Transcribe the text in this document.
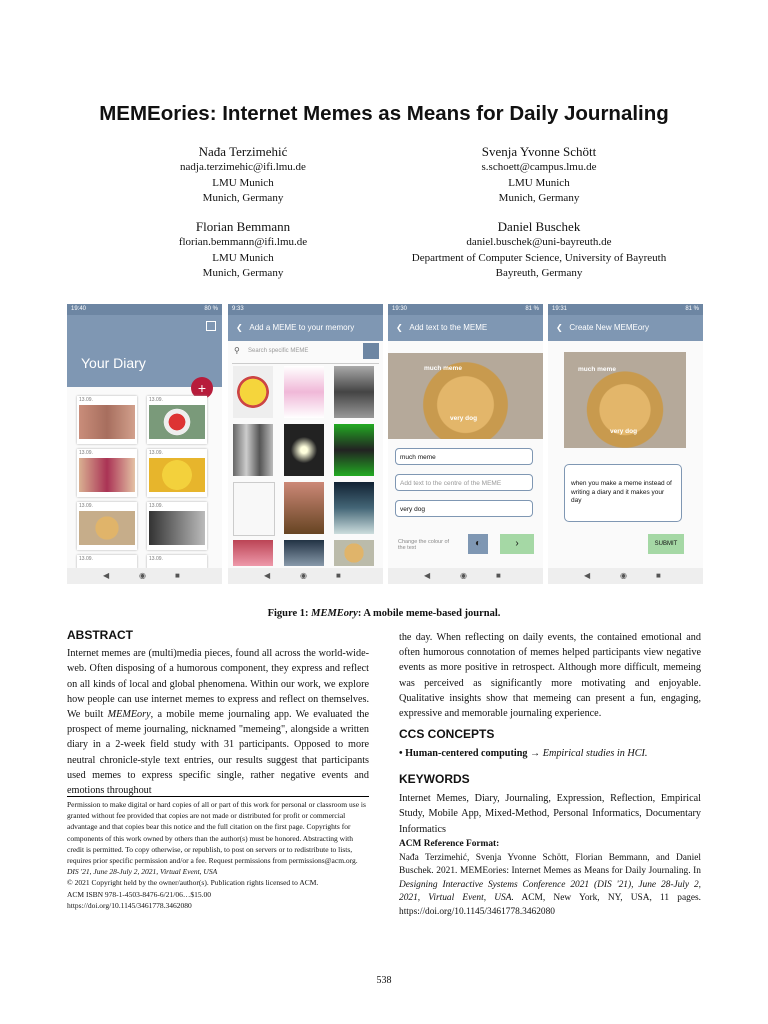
MEMEories: Internet Memes as Means for Daily Journaling
Nađa Terzimehić
nadja.terzimehic@ifi.lmu.de
LMU Munich
Munich, Germany
Svenja Yvonne Schött
s.schoett@campus.lmu.de
LMU Munich
Munich, Germany
Florian Bemmann
florian.bemmann@ifi.lmu.de
LMU Munich
Munich, Germany
Daniel Buschek
daniel.buschek@uni-bayreuth.de
Department of Computer Science, University of Bayreuth
Bayreuth, Germany
19:40	80 %
Your Diary
+
13.09.	13.09.
13.09.	13.09.
13.09.	13.09.
13.09.	13.09.
◀	◉	■
9:33
❮ Add a MEME to your memory
⚲ Search specific MEME
◀	◉	■
19:30	81 %
❮ Add text to the MEME
much meme
very dog
much meme
Add text to the centre of the MEME
very dog
Change the colour of the text	◐	›
◀	◉	■
19:31	81 %
❮ Create New MEMEory
much meme
very dog
when you make a meme instead of writing a diary and it makes your day
SUBMIT
◀	◉	■
Figure 1: MEMEory: A mobile meme-based journal.
ABSTRACT
Internet memes are (multi)media pieces, found all across the world-wide-web. Often disposing of a humorous component, they express and reflect on all kinds of local and global phenomena. Within our work, we explore how people can use internet memes to express and reflect on themselves. We built MEMEory, a mobile meme journaling app. We evaluated the prospect of meme journaling, nicknamed "memeing", alongside a written diary in a 2-week field study with 31 participants. Opposed to more neutral chronicle-style text entries, our results suggest that participants used memes to express specific single, rather negative events and emotions throughout
Permission to make digital or hard copies of all or part of this work for personal or classroom use is granted without fee provided that copies are not made or distributed for profit or commercial advantage and that copies bear this notice and the full citation on the first page. Copyrights for components of this work owned by others than the author(s) must be honored. Abstracting with credit is permitted. To copy otherwise, or republish, to post on servers or to redistribute to lists, requires prior specific permission and/or a fee. Request permissions from permissions@acm.org.
DIS '21, June 28-July 2, 2021, Virtual Event, USA
© 2021 Copyright held by the owner/author(s). Publication rights licensed to ACM.
ACM ISBN 978-1-4503-8476-6/21/06…$15.00
https://doi.org/10.1145/3461778.3462080
the day. When reflecting on daily events, the contained emotional and often humorous connotation of memes helped participants view negative events as more positive in retrospect. Although more difficult, memeing was perceived as significantly more motivating and enjoyable. Qualitative insights show that memeing can present a fun, engaging, expressive and memorable journaling experience.
CCS CONCEPTS
• Human-centered computing → Empirical studies in HCI.
KEYWORDS
Internet Memes, Diary, Journaling, Expression, Reflection, Empirical Study, Mobile App, Mixed-Method, Personal Informatics, Documentary Informatics
ACM Reference Format:
Nađa Terzimehić, Svenja Yvonne Schött, Florian Bemmann, and Daniel Buschek. 2021. MEMEories: Internet Memes as Means for Daily Journaling. In Designing Interactive Systems Conference 2021 (DIS '21), June 28-July 2, 2021, Virtual Event, USA. ACM, New York, NY, USA, 11 pages. https://doi.org/10.1145/3461778.3462080
538
